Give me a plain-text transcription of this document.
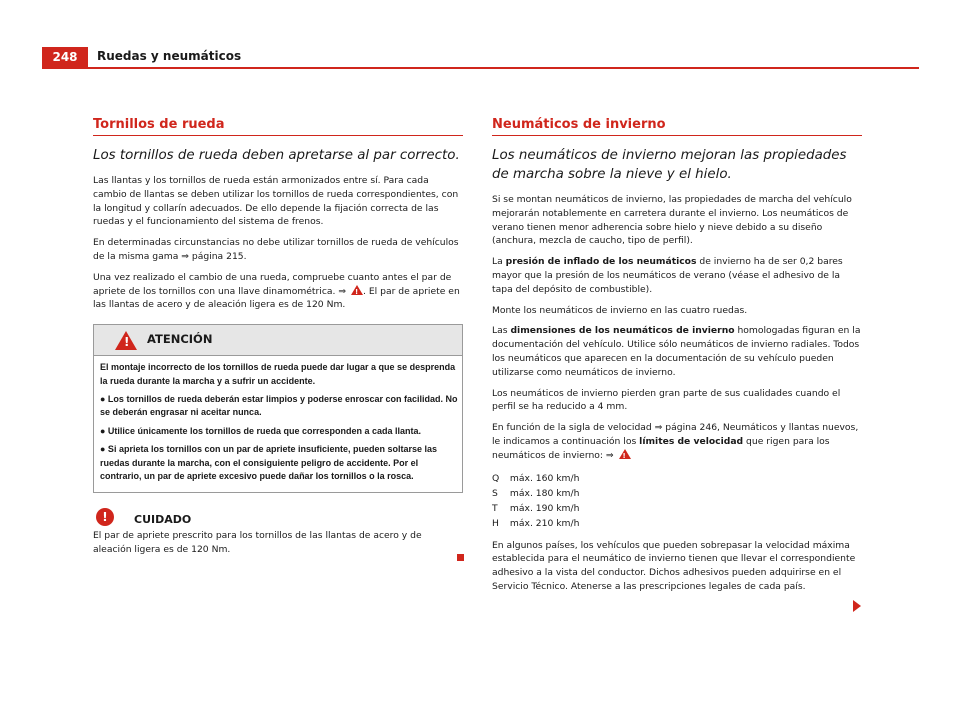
248	Ruedas y neumáticos
Tornillos de rueda
Los tornillos de rueda deben apretarse al par correcto.

Las llantas y los tornillos de rueda están armonizados entre sí. Para cada cambio de llantas se deben utilizar los tornillos de rueda correspondientes, con la longitud y collarín adecuados. De ello depende la fijación correcta de las ruedas y el funcionamiento del sistema de frenos.

En determinadas circunstancias no debe utilizar tornillos de rueda de vehículos de la misma gama ⇒ página 215.

Una vez realizado el cambio de una rueda, compruebe cuanto antes el par de apriete de los tornillos con una llave dinamométrica. ⇒ ! . El par de apriete en las llantas de acero y de aleación ligera es de 120 Nm.

! ATENCIÓN

El montaje incorrecto de los tornillos de rueda puede dar lugar a que se desprenda la rueda durante la marcha y a sufrir un accidente.

● Los tornillos de rueda deberán estar limpios y poderse enroscar con facilidad. No se deberán engrasar ni aceitar nunca.

● Utilice únicamente los tornillos de rueda que corresponden a cada llanta.

● Si aprieta los tornillos con un par de apriete insuficiente, pueden soltarse las ruedas durante la marcha, con el consiguiente peligro de accidente. Por el contrario, un par de apriete excesivo puede dañar los tornillos o la rosca.

!	CUIDADO

El par de apriete prescrito para los tornillos de las llantas de acero y de aleación ligera es de 120 Nm.

Neumáticos de invierno
Los neumáticos de invierno mejoran las propiedades de marcha sobre la nieve y el hielo.

Si se montan neumáticos de invierno, las propiedades de marcha del vehículo mejorarán notablemente en carretera durante el invierno. Los neumáticos de verano tienen menor adherencia sobre hielo y nieve debido a su diseño (anchura, mezcla de caucho, tipo de perfil).

La presión de inflado de los neumáticos de invierno ha de ser 0,2 bares mayor que la presión de los neumáticos de verano (véase el adhesivo de la tapa del depósito de combustible).

Monte los neumáticos de invierno en las cuatro ruedas.

Las dimensiones de los neumáticos de invierno homologadas figuran en la documentación del vehículo. Utilice sólo neumáticos de invierno radiales. Todos los neumáticos que aparecen en la documentación de su vehículo pueden utilizarse como neumáticos de invierno.

Los neumáticos de invierno pierden gran parte de sus cualidades cuando el perfil se ha reducido a 4 mm.

En función de la sigla de velocidad ⇒ página 246, Neumáticos y llantas nuevos, le indicamos a continuación los límites de velocidad que rigen para los neumáticos de invierno: ⇒ !

Q máx. 160 km/h
S máx. 180 km/h
T máx. 190 km/h
H máx. 210 km/h

En algunos países, los vehículos que pueden sobrepasar la velocidad máxima establecida para el neumático de invierno tienen que llevar el correspondiente adhesivo a la vista del conductor. Dichos adhesivos pueden adquirirse en el Servicio Técnico. Atenerse a las prescripciones legales de cada país.
